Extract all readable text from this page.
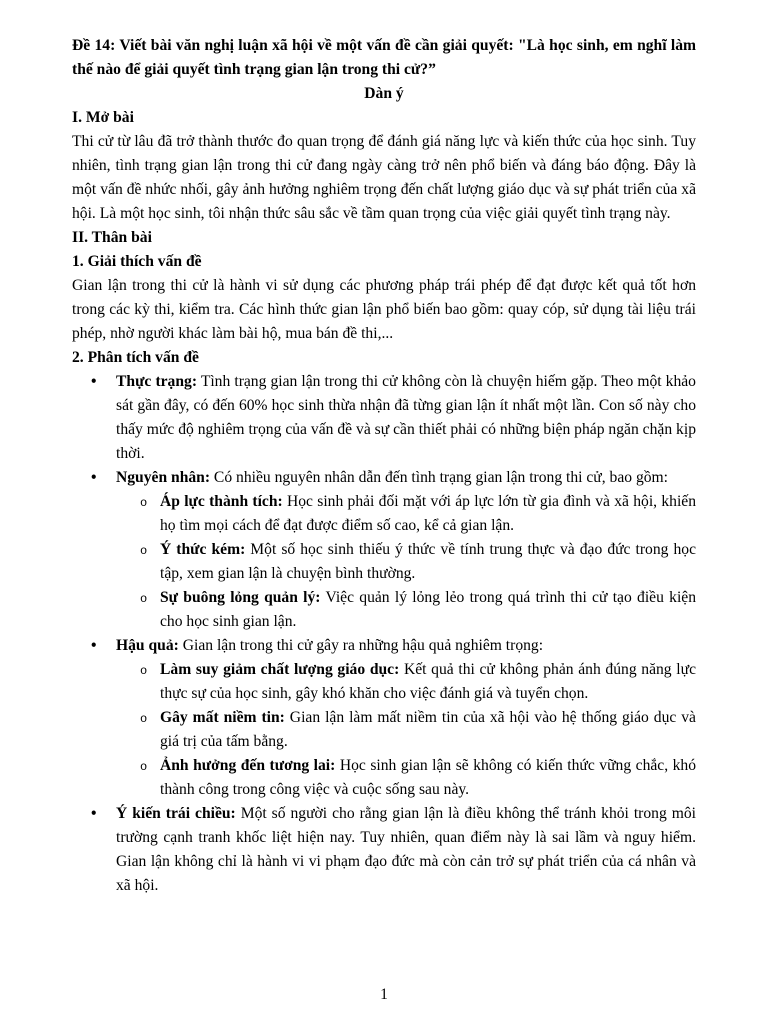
Đề 14: Viết bài văn nghị luận xã hội về một vấn đề cần giải quyết: "Là học sinh, em nghĩ làm thế nào để giải quyết tình trạng gian lận trong thi cử?”

Dàn ý

I. Mở bài

Thi cử từ lâu đã trở thành thước đo quan trọng để đánh giá năng lực và kiến thức của học sinh. Tuy nhiên, tình trạng gian lận trong thi cử đang ngày càng trở nên phổ biến và đáng báo động. Đây là một vấn đề nhức nhối, gây ảnh hưởng nghiêm trọng đến chất lượng giáo dục và sự phát triển của xã hội. Là một học sinh, tôi nhận thức sâu sắc về tầm quan trọng của việc giải quyết tình trạng này.

II. Thân bài

1. Giải thích vấn đề

Gian lận trong thi cử là hành vi sử dụng các phương pháp trái phép để đạt được kết quả tốt hơn trong các kỳ thi, kiểm tra. Các hình thức gian lận phổ biến bao gồm: quay cóp, sử dụng tài liệu trái phép, nhờ người khác làm bài hộ, mua bán đề thi,...

2. Phân tích vấn đề

• Thực trạng: Tình trạng gian lận trong thi cử không còn là chuyện hiếm gặp. Theo một khảo sát gần đây, có đến 60% học sinh thừa nhận đã từng gian lận ít nhất một lần. Con số này cho thấy mức độ nghiêm trọng của vấn đề và sự cần thiết phải có những biện pháp ngăn chặn kịp thời.
• Nguyên nhân: Có nhiều nguyên nhân dẫn đến tình trạng gian lận trong thi cử, bao gồm:
o Áp lực thành tích: Học sinh phải đối mặt với áp lực lớn từ gia đình và xã hội, khiến họ tìm mọi cách để đạt được điểm số cao, kể cả gian lận.
o Ý thức kém: Một số học sinh thiếu ý thức về tính trung thực và đạo đức trong học tập, xem gian lận là chuyện bình thường.
o Sự buông lỏng quản lý: Việc quản lý lỏng lẻo trong quá trình thi cử tạo điều kiện cho học sinh gian lận.
• Hậu quả: Gian lận trong thi cử gây ra những hậu quả nghiêm trọng:
o Làm suy giảm chất lượng giáo dục: Kết quả thi cử không phản ánh đúng năng lực thực sự của học sinh, gây khó khăn cho việc đánh giá và tuyển chọn.
o Gây mất niềm tin: Gian lận làm mất niềm tin của xã hội vào hệ thống giáo dục và giá trị của tấm bằng.
o Ảnh hưởng đến tương lai: Học sinh gian lận sẽ không có kiến thức vững chắc, khó thành công trong công việc và cuộc sống sau này.
• Ý kiến trái chiều: Một số người cho rằng gian lận là điều không thể tránh khỏi trong môi trường cạnh tranh khốc liệt hiện nay. Tuy nhiên, quan điểm này là sai lầm và nguy hiểm. Gian lận không chỉ là hành vi vi phạm đạo đức mà còn cản trở sự phát triển của cá nhân và xã hội.
1
